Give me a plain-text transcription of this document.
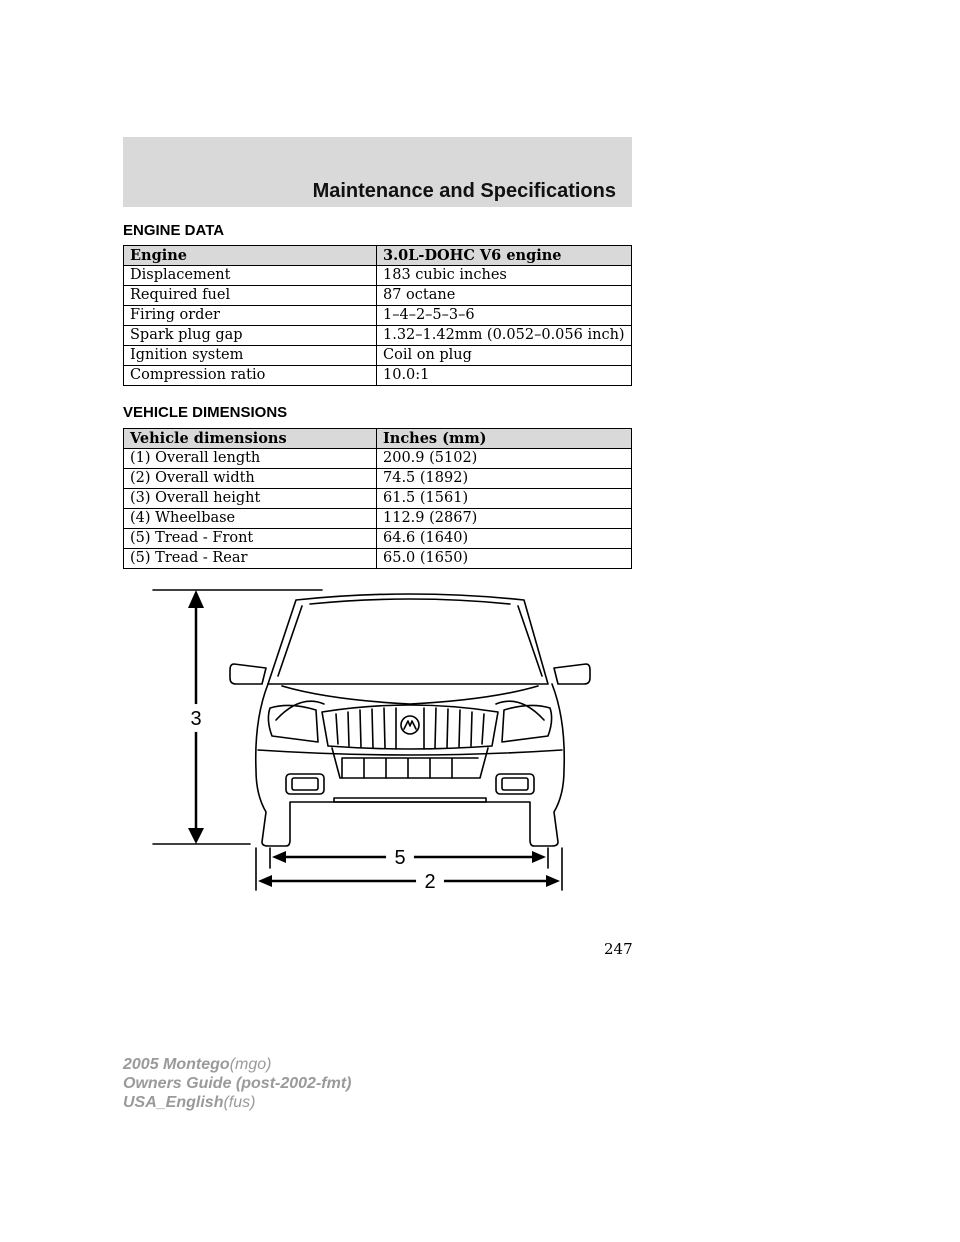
Maintenance and Specifications
ENGINE DATA
Engine	3.0L-DOHC V6 engine
Displacement	183 cubic inches
Required fuel	87 octane
Firing order	1–4–2–5–3–6
Spark plug gap	1.32–1.42mm (0.052–0.056 inch)
Ignition system	Coil on plug
Compression ratio	10.0:1
VEHICLE DIMENSIONS
Vehicle dimensions	Inches (mm)
(1) Overall length	200.9 (5102)
(2) Overall width	74.5 (1892)
(3) Overall height	61.5 (1561)
(4) Wheelbase	112.9 (2867)
(5) Tread - Front	64.6 (1640)
(5) Tread - Rear	65.0 (1650)
3
5
2
247
2005 Montego(mgo)
Owners Guide (post-2002-fmt)
USA_English(fus)
